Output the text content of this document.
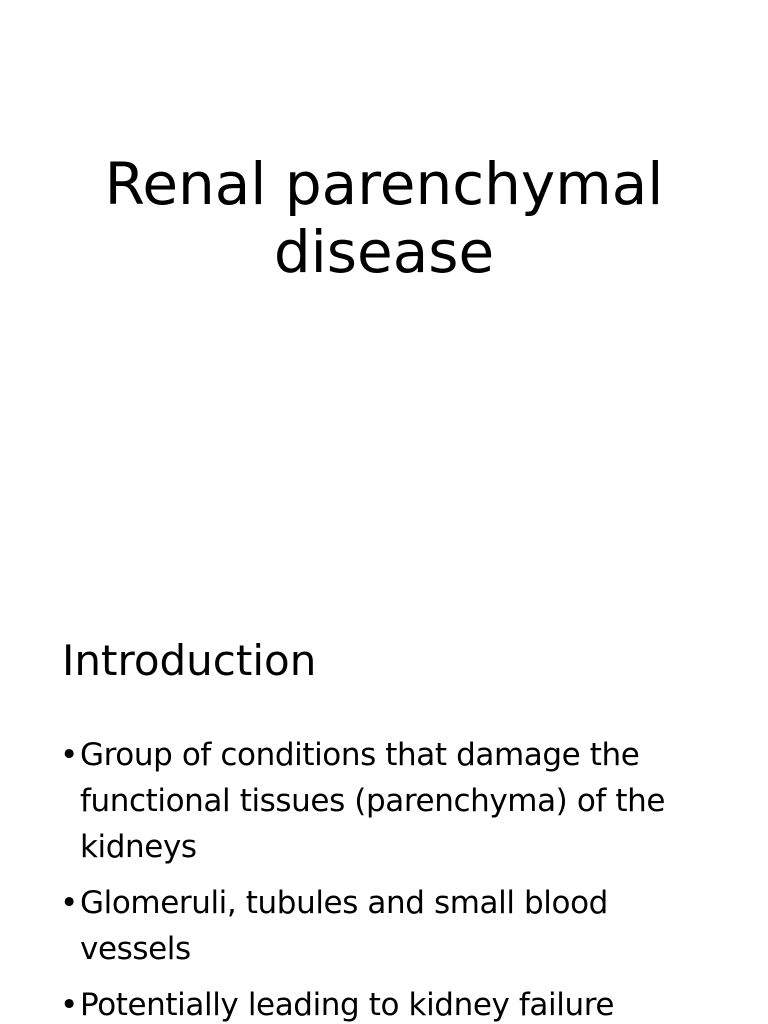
Renal parenchymal
disease
Introduction
• Group of conditions that damage the functional tissues (parenchyma) of the kidneys
• Glomeruli, tubules and small blood vessels
• Potentially leading to kidney failure
